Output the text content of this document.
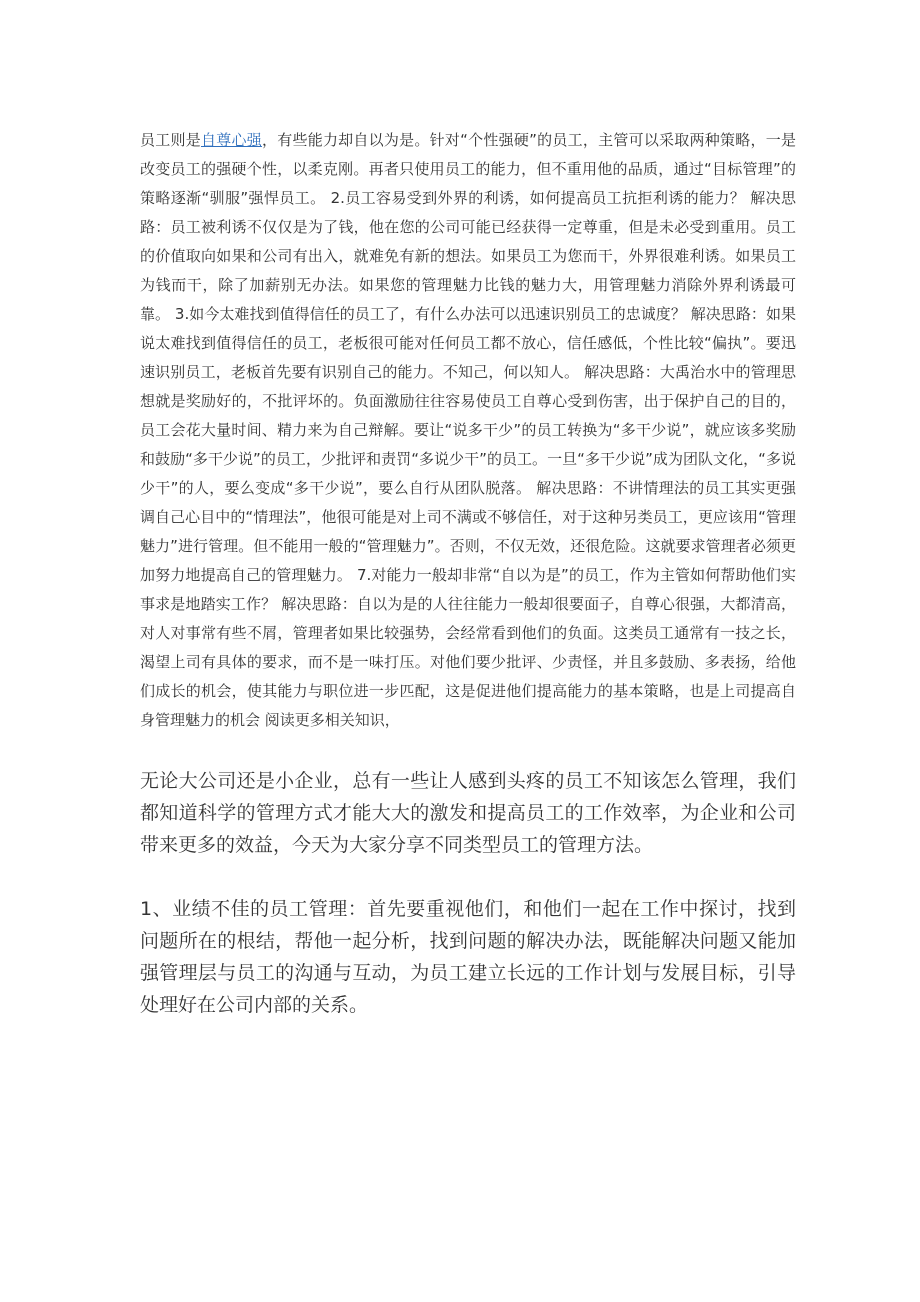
员工则是自尊心强，有些能力却自以为是。针对“个性强硬”的员工，主管可以采取两种策略，一是改变员工的强硬个性，以柔克刚。再者只使用员工的能力，但不重用他的品质，通过“目标管理”的策略逐渐“驯服”强悍员工。 2.员工容易受到外界的利诱，如何提高员工抗拒利诱的能力？ 解决思路：员工被利诱不仅仅是为了钱，他在您的公司可能已经获得一定尊重，但是未必受到重用。员工的价值取向如果和公司有出入，就难免有新的想法。如果员工为您而干，外界很难利诱。如果员工为钱而干，除了加薪别无办法。如果您的管理魅力比钱的魅力大，用管理魅力消除外界利诱最可靠。 3.如今太难找到值得信任的员工了，有什么办法可以迅速识别员工的忠诚度？ 解决思路：如果说太难找到值得信任的员工，老板很可能对任何员工都不放心，信任感低，个性比较“偏执”。要迅速识别员工，老板首先要有识别自己的能力。不知己，何以知人。 解决思路：大禹治水中的管理思想就是奖励好的，不批评坏的。负面激励往往容易使员工自尊心受到伤害，出于保护自己的目的，员工会花大量时间、精力来为自己辩解。要让“说多干少”的员工转换为“多干少说”，就应该多奖励和鼓励“多干少说”的员工，少批评和责罚“多说少干”的员工。一旦“多干少说”成为团队文化，“多说少干”的人，要么变成“多干少说”，要么自行从团队脱落。 解决思路：不讲情理法的员工其实更强调自己心目中的“情理法”，他很可能是对上司不满或不够信任，对于这种另类员工，更应该用“管理魅力”进行管理。但不能用一般的“管理魅力”。否则，不仅无效，还很危险。这就要求管理者必须更加努力地提高自己的管理魅力。 7.对能力一般却非常“自以为是”的员工，作为主管如何帮助他们实事求是地踏实工作？ 解决思路：自以为是的人往往能力一般却很要面子，自尊心很强，大都清高，对人对事常有些不屑，管理者如果比较强势，会经常看到他们的负面。这类员工通常有一技之长，渴望上司有具体的要求，而不是一味打压。对他们要少批评、少责怪，并且多鼓励、多表扬，给他们成长的机会，使其能力与职位进一步匹配，这是促进他们提高能力的基本策略，也是上司提高自身管理魅力的机会 阅读更多相关知识，

无论大公司还是小企业，总有一些让人感到头疼的员工不知该怎么管理，我们都知道科学的管理方式才能大大的激发和提高员工的工作效率，为企业和公司带来更多的效益，今天为大家分享不同类型员工的管理方法。

1、业绩不佳的员工管理：首先要重视他们，和他们一起在工作中探讨，找到问题所在的根结，帮他一起分析，找到问题的解决办法，既能解决问题又能加强管理层与员工的沟通与互动，为员工建立长远的工作计划与发展目标，引导处理好在公司内部的关系。
